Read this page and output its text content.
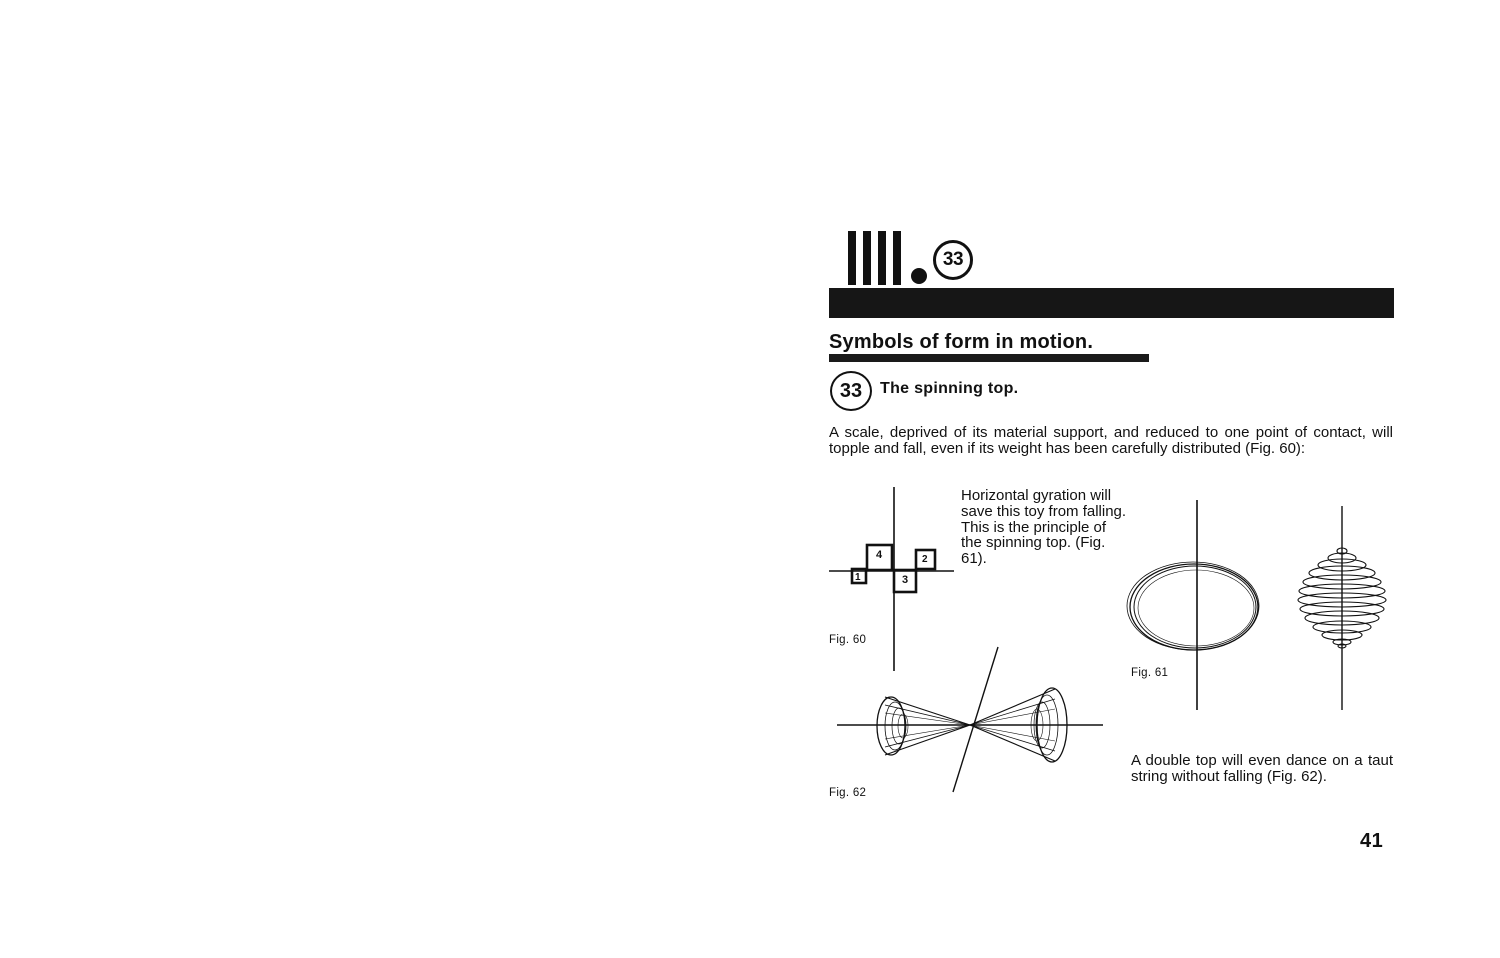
33
Symbols of form in motion.
33 The spinning top.
A scale, deprived of its material support, and reduced to one point of contact, will topple and fall, even if its weight has been carefully distributed (Fig. 60):
1
4
3
2
Fig. 60
Horizontal gyration will save this toy from falling. This is the principle of the spinning top. (Fig. 61).
Fig. 61
Fig. 62
A double top will even dance on a taut string without falling (Fig. 62).
41
